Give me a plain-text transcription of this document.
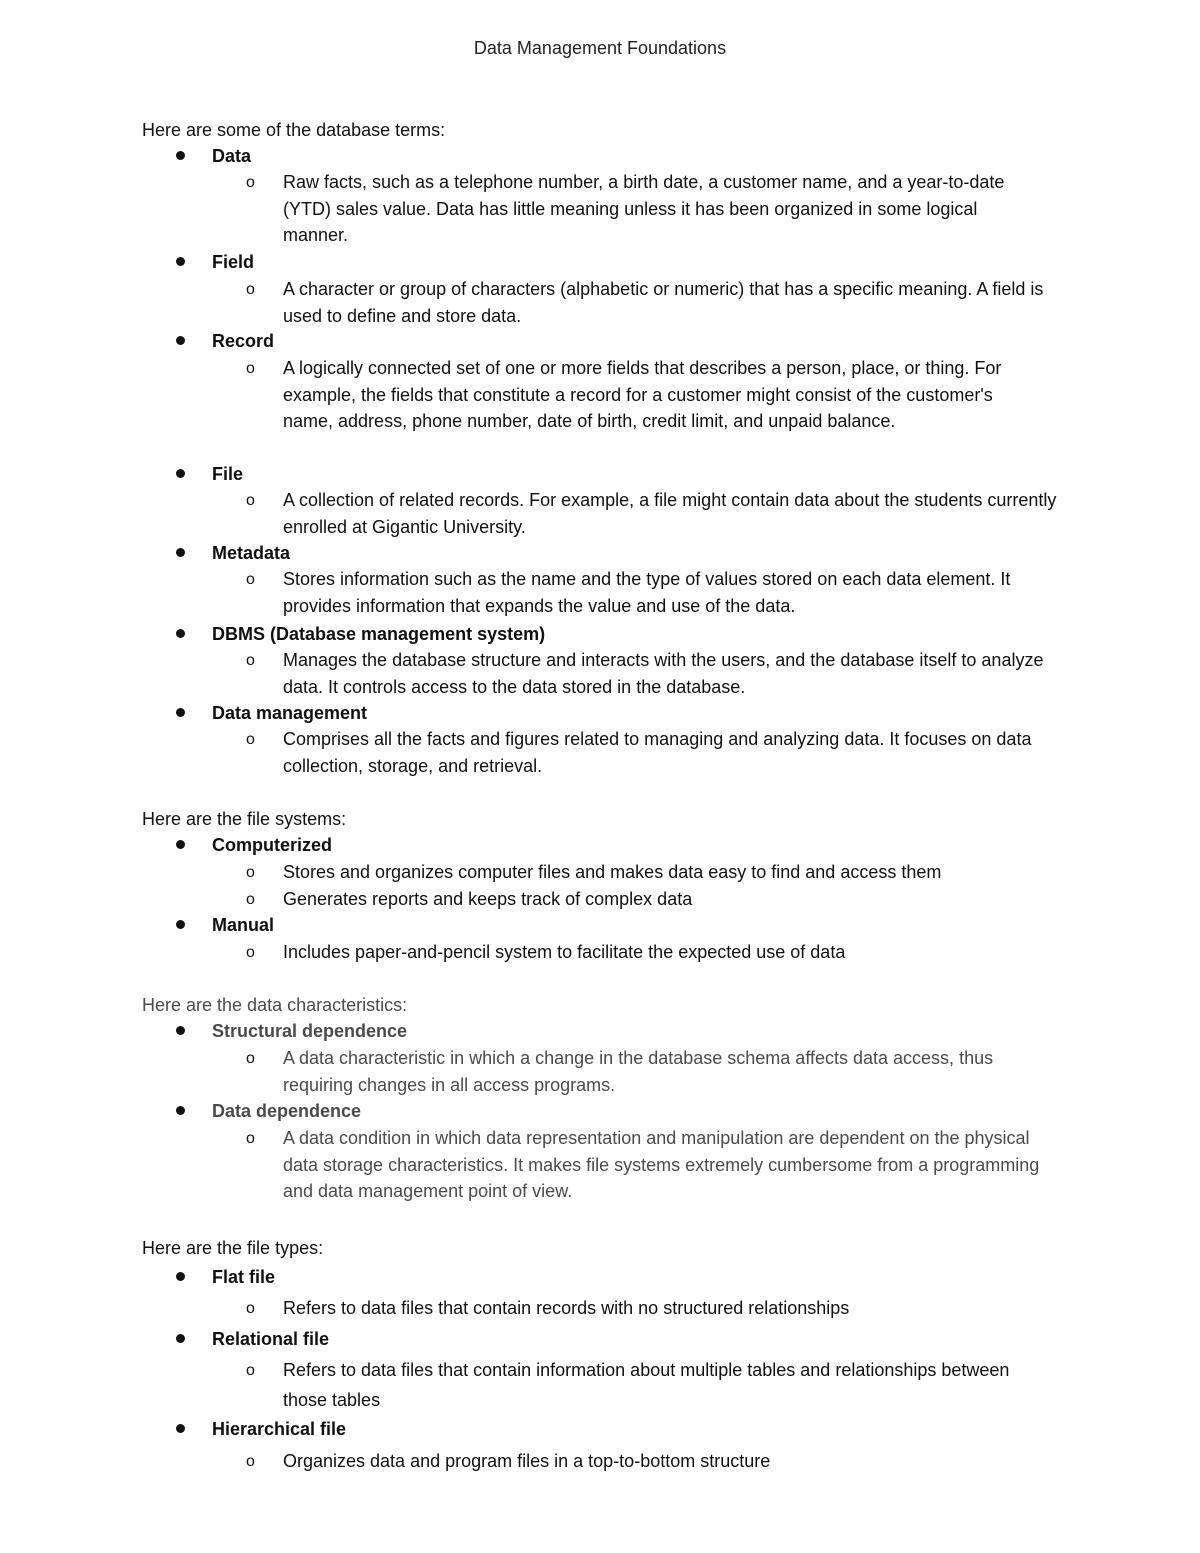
Data Management Foundations
Here are some of the database terms:
Data
o Raw facts, such as a telephone number, a birth date, a customer name, and a year-to-date (YTD) sales value. Data has little meaning unless it has been organized in some logical manner.
Field
o A character or group of characters (alphabetic or numeric) that has a specific meaning. A field is used to define and store data.
Record
o A logically connected set of one or more fields that describes a person, place, or thing. For example, the fields that constitute a record for a customer might consist of the customer's name, address, phone number, date of birth, credit limit, and unpaid balance.
File
o A collection of related records. For example, a file might contain data about the students currently enrolled at Gigantic University.
Metadata
o Stores information such as the name and the type of values stored on each data element. It provides information that expands the value and use of the data.
DBMS (Database management system)
o Manages the database structure and interacts with the users, and the database itself to analyze data. It controls access to the data stored in the database.
Data management
o Comprises all the facts and figures related to managing and analyzing data. It focuses on data collection, storage, and retrieval.
Here are the file systems:
Computerized
o Stores and organizes computer files and makes data easy to find and access them
o Generates reports and keeps track of complex data
Manual
o Includes paper-and-pencil system to facilitate the expected use of data
Here are the data characteristics:
Structural dependence
o A data characteristic in which a change in the database schema affects data access, thus requiring changes in all access programs.
Data dependence
o A data condition in which data representation and manipulation are dependent on the physical data storage characteristics. It makes file systems extremely cumbersome from a programming and data management point of view.
Here are the file types:
Flat file
o Refers to data files that contain records with no structured relationships
Relational file
o Refers to data files that contain information about multiple tables and relationships between those tables
Hierarchical file
o Organizes data and program files in a top-to-bottom structure
